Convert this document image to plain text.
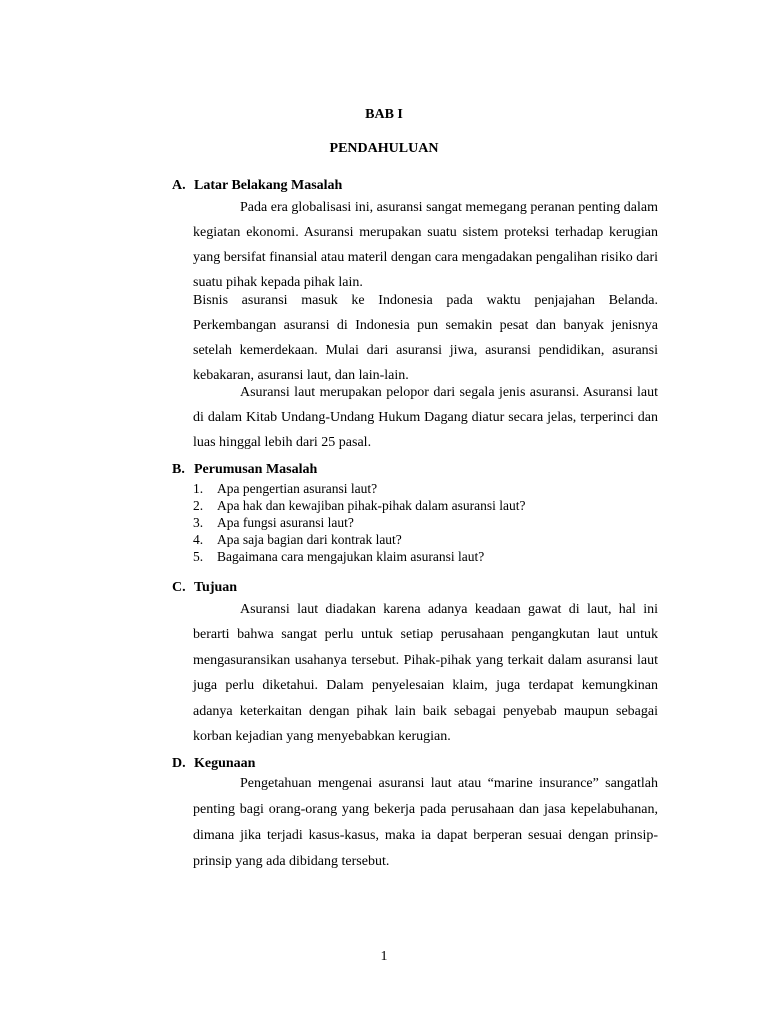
BAB I
PENDAHULUAN
A. Latar Belakang Masalah

Pada era globalisasi ini, asuransi sangat memegang peranan penting dalam kegiatan ekonomi. Asuransi merupakan suatu sistem proteksi terhadap kerugian yang bersifat finansial atau materil dengan cara mengadakan pengalihan risiko dari suatu pihak kepada pihak lain.

Bisnis asuransi masuk ke Indonesia pada waktu penjajahan Belanda. Perkembangan asuransi di Indonesia pun semakin pesat dan banyak jenisnya setelah kemerdekaan. Mulai dari asuransi jiwa, asuransi pendidikan, asuransi kebakaran, asuransi laut, dan lain-lain.

Asuransi laut merupakan pelopor dari segala jenis asuransi. Asuransi laut di dalam Kitab Undang-Undang Hukum Dagang diatur secara jelas, terperinci dan luas hinggal lebih dari 25 pasal.

B. Perumusan Masalah
1. Apa pengertian asuransi laut?
2. Apa hak dan kewajiban pihak-pihak dalam asuransi laut?
3. Apa fungsi asuransi laut?
4. Apa saja bagian dari kontrak laut?
5. Bagaimana cara mengajukan klaim asuransi laut?
C. Tujuan

Asuransi laut diadakan karena adanya keadaan gawat di laut, hal ini berarti bahwa sangat perlu untuk setiap perusahaan pengangkutan laut untuk mengasuransikan usahanya tersebut. Pihak-pihak yang terkait dalam asuransi laut juga perlu diketahui. Dalam penyelesaian klaim, juga terdapat kemungkinan adanya keterkaitan dengan pihak lain baik sebagai penyebab maupun sebagai korban kejadian yang menyebabkan kerugian.

D. Kegunaan

Pengetahuan mengenai asuransi laut atau “marine insurance” sangatlah penting bagi orang-orang yang bekerja pada perusahaan dan jasa kepelabuhanan, dimana jika terjadi kasus-kasus, maka ia dapat berperan sesuai dengan prinsip-prinsip yang ada dibidang tersebut.

1
